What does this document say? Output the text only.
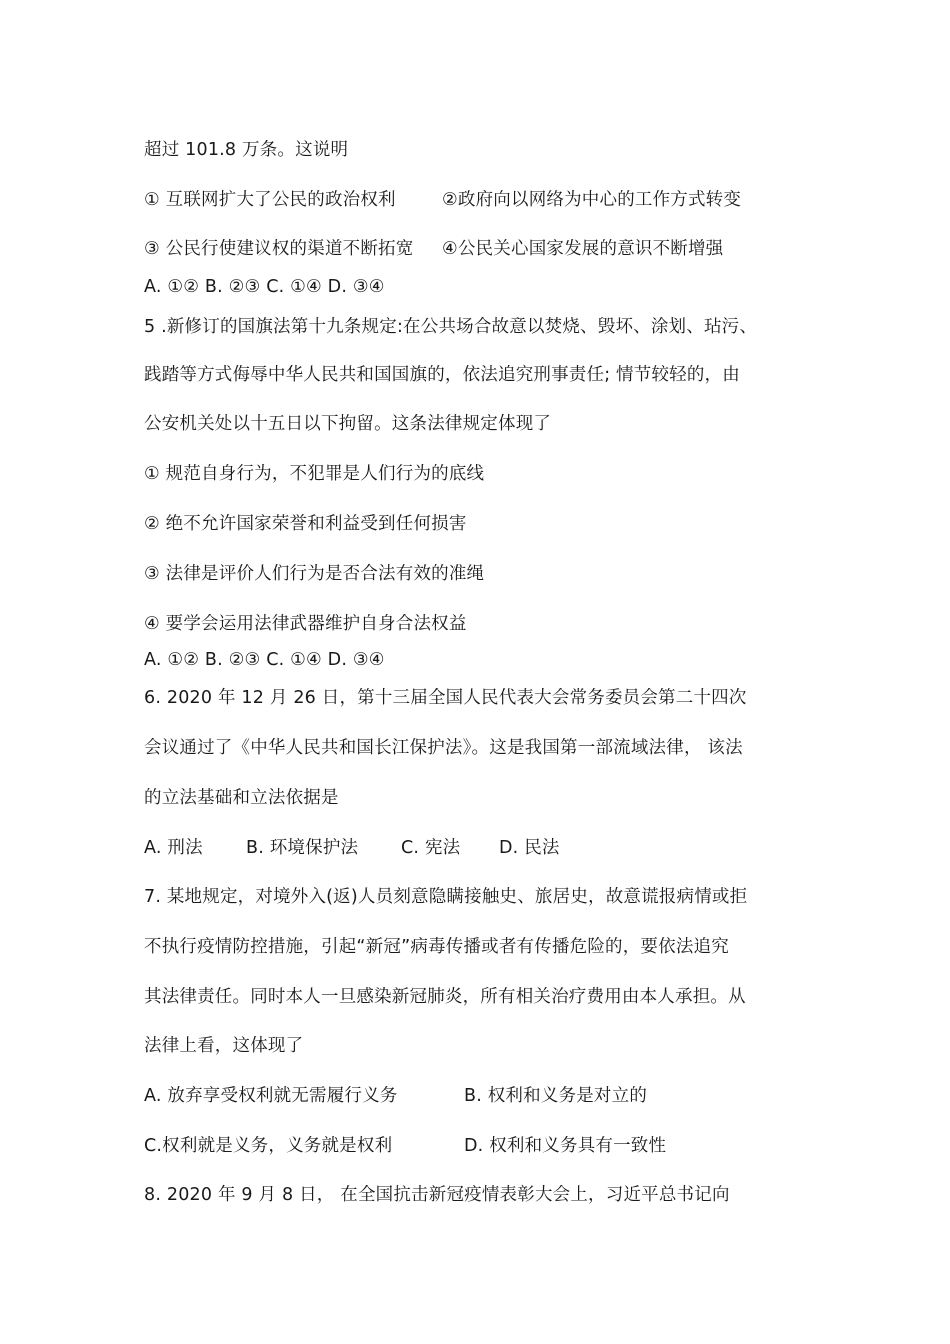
超过 101.8 万条。这说明
① 互联网扩大了公民的政治权利	②政府向以网络为中心的工作方式转变
③ 公民行使建议权的渠道不断拓宽 ④公民关心国家发展的意识不断增强
A. ①② B. ②③ C. ①④ D. ③④
5 .新修订的国旗法第十九条规定:在公共场合故意以焚烧、毁坏、涂划、玷污、
践踏等方式侮辱中华人民共和国国旗的，依法追究刑事责任; 情节较轻的，由
公安机关处以十五日以下拘留。这条法律规定体现了
① 规范自身行为，不犯罪是人们行为的底线
② 绝不允许国家荣誉和利益受到任何损害
③ 法律是评价人们行为是否合法有效的准绳
④ 要学会运用法律武器维护自身合法权益
A. ①② B. ②③ C. ①④ D. ③④
6. 2020 年 12 月 26 日，第十三届全国人民代表大会常务委员会第二十四次
会议通过了《中华人民共和国长江保护法》。这是我国第一部流域法律， 该法
的立法基础和立法依据是
A. 刑法 B. 环境保护法 C. 宪法 D. 民法
7. 某地规定，对境外入(返)人员刻意隐瞒接触史、旅居史，故意谎报病情或拒
不执行疫情防控措施，引起“新冠”病毒传播或者有传播危险的，要依法追究
其法律责任。同时本人一旦感染新冠肺炎，所有相关治疗费用由本人承担。从
法律上看，这体现了
A. 放弃享受权利就无需履行义务	B. 权利和义务是对立的
C.权利就是义务，义务就是权利	D. 权利和义务具有一致性
8. 2020 年 9 月 8 日， 在全国抗击新冠疫情表彰大会上，习近平总书记向
